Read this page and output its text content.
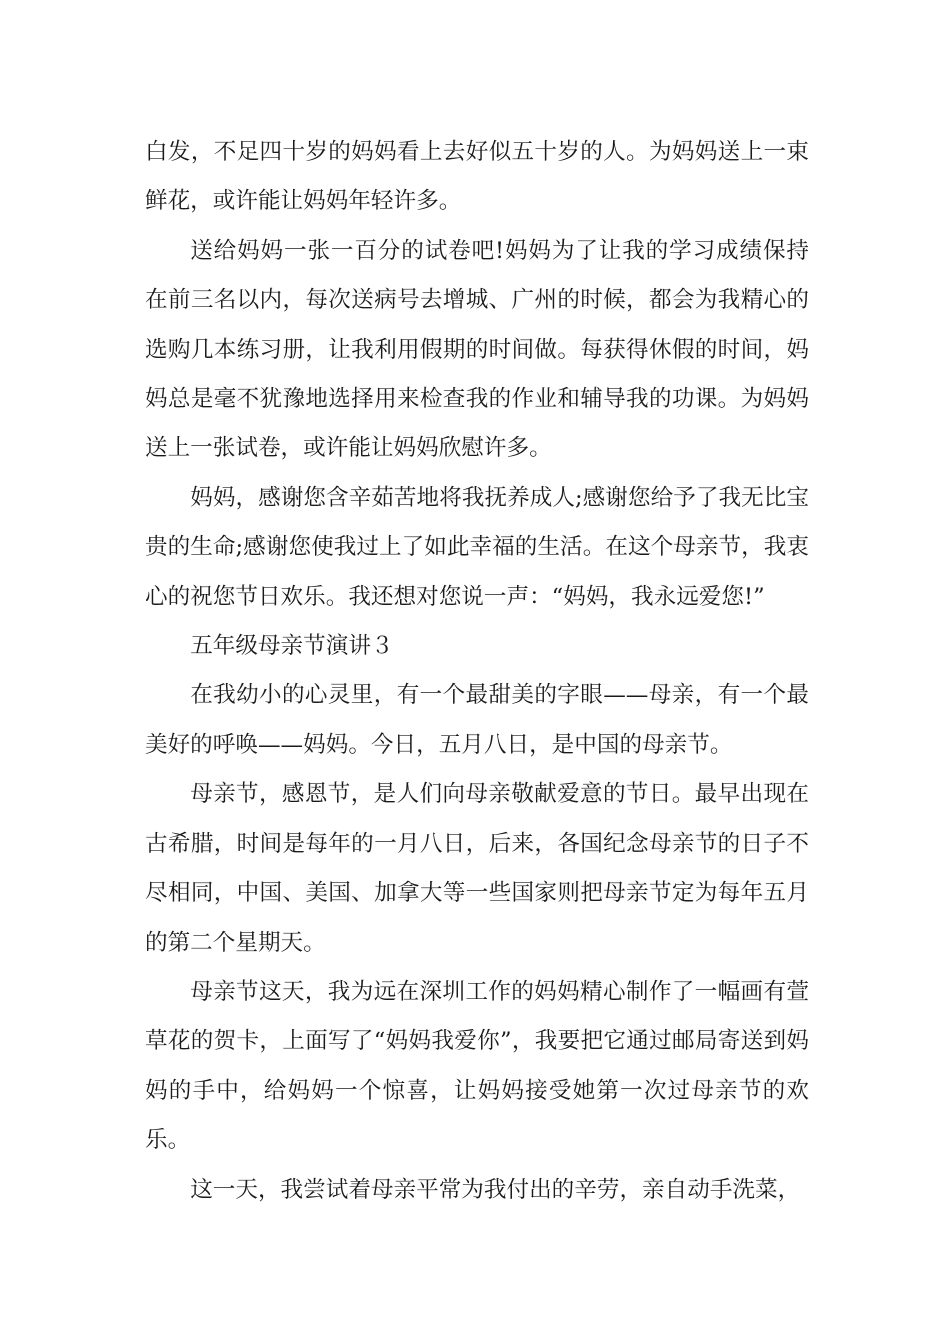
白发，不足四十岁的妈妈看上去好似五十岁的人。为妈妈送上一束鲜花，或许能让妈妈年轻许多。

送给妈妈一张一百分的试卷吧!妈妈为了让我的学习成绩保持在前三名以内，每次送病号去增城、广州的时候，都会为我精心的选购几本练习册，让我利用假期的时间做。每获得休假的时间，妈妈总是毫不犹豫地选择用来检查我的作业和辅导我的功课。为妈妈送上一张试卷，或许能让妈妈欣慰许多。

妈妈，感谢您含辛茹苦地将我抚养成人;感谢您给予了我无比宝贵的生命;感谢您使我过上了如此幸福的生活。在这个母亲节，我衷心的祝您节日欢乐。我还想对您说一声：“妈妈，我永远爱您!”

五年级母亲节演讲３

在我幼小的心灵里，有一个最甜美的字眼——母亲，有一个最美好的呼唤——妈妈。今日，五月八日，是中国的母亲节。

母亲节，感恩节，是人们向母亲敬献爱意的节日。最早出现在古希腊，时间是每年的一月八日，后来，各国纪念母亲节的日子不尽相同，中国、美国、加拿大等一些国家则把母亲节定为每年五月的第二个星期天。

母亲节这天，我为远在深圳工作的妈妈精心制作了一幅画有萱草花的贺卡，上面写了“妈妈我爱你”，我要把它通过邮局寄送到妈妈的手中，给妈妈一个惊喜，让妈妈接受她第一次过母亲节的欢乐。

这一天，我尝试着母亲平常为我付出的辛劳，亲自动手洗菜，
